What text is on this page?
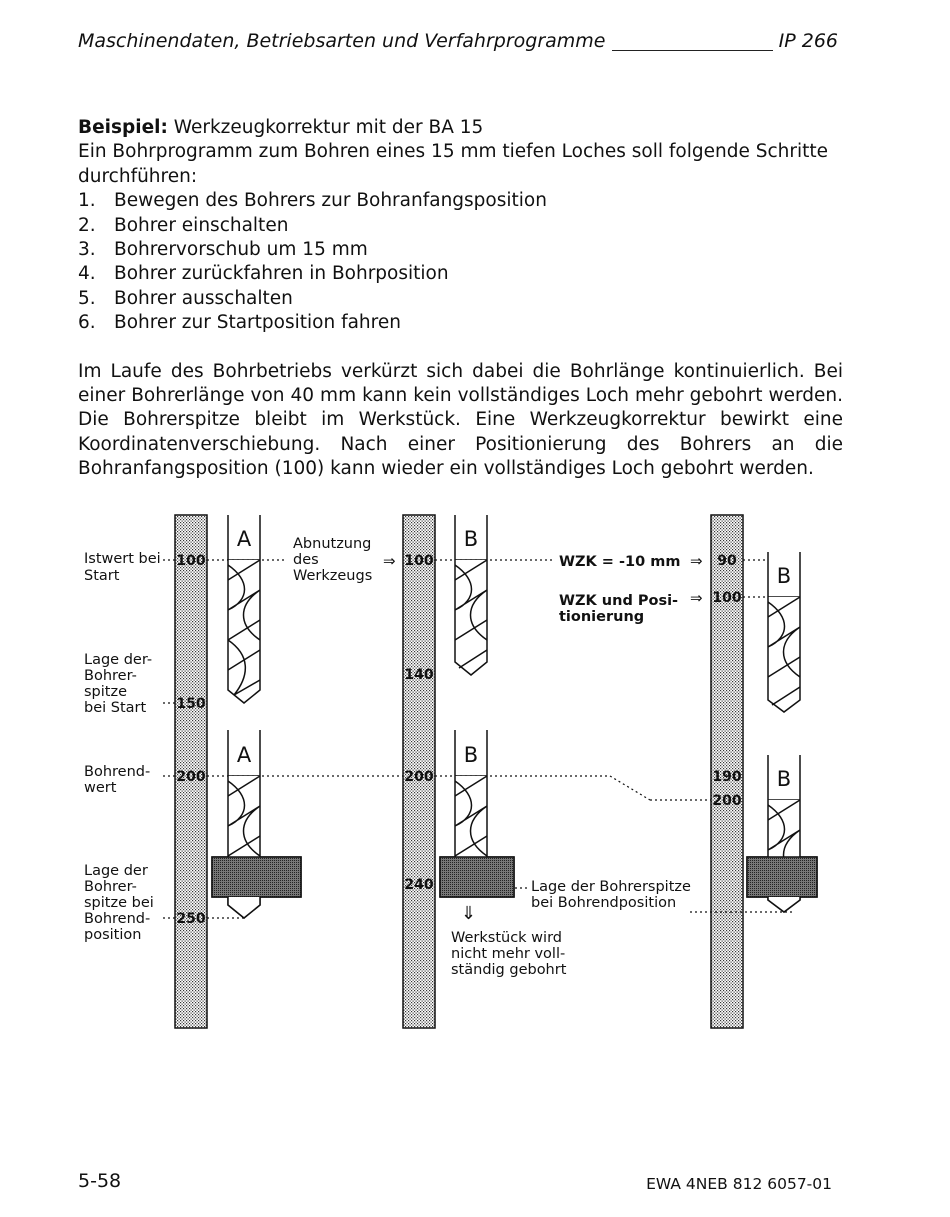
Maschinendaten, Betriebsarten und Verfahrprogramme	IP 266

Beispiel: Werkzeugkorrektur mit der BA 15

Ein Bohrprogramm zum Bohren eines 15 mm tiefen Loches soll folgende Schritte durchführen:

1. Bewegen des Bohrers zur Bohranfangsposition
2. Bohrer einschalten
3. Bohrervorschub um 15 mm
4. Bohrer zurückfahren in Bohrposition
5. Bohrer ausschalten
6. Bohrer zur Startposition fahren

Im Laufe des Bohrbetriebs verkürzt sich dabei die Bohrlänge kontinuierlich. Bei einer Bohrerlänge von 40 mm kann kein vollständiges Loch mehr gebohrt werden. Die Bohrerspitze bleibt im Werkstück. Eine Werkzeugkorrektur bewirkt eine Koordinatenverschiebung. Nach einer Positionierung des Bohrers an die Bohranfangsposition (100) kann wieder ein vollständiges Loch gebohrt werden.

Istwert bei
Start
Lage der-
Bohrer-
spitze
bei Start
Bohrend-
wert
Lage der
Bohrer-
spitze bei
Bohrend-
position
100
150
200
250
100
140
200
240
90
100
190
200
Abnutzung
des
Werkzeugs
⇒	⇒
⇒
WZK = -10 mm
WZK und Posi-
tionierung
Lage der Bohrerspitze
bei Bohrendposition
⇓
Werkstück wird
nicht mehr voll-
ständig gebohrt
A
A
B
B
B
B
5-58	EWA 4NEB 812 6057-01
